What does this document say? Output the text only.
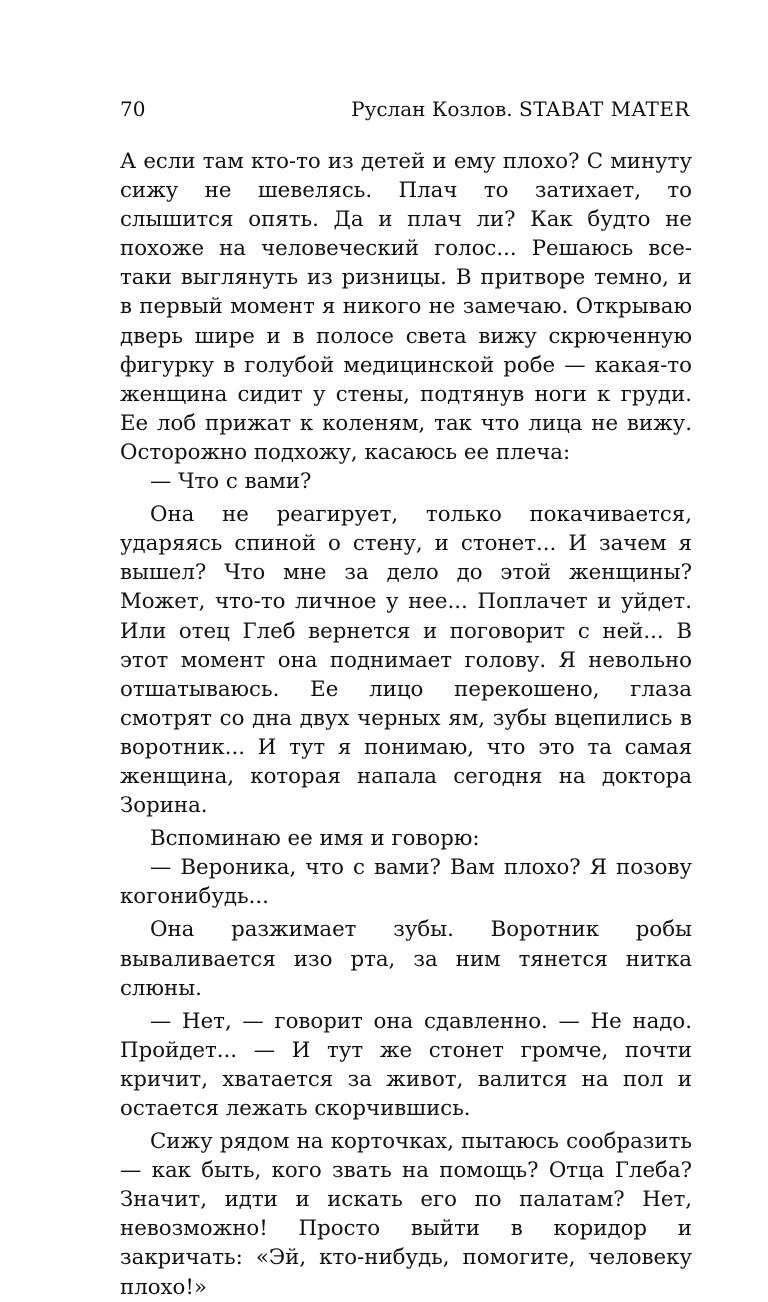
70	Руслан Козлов. STABAT MATER

А если там кто-то из детей и ему плохо? С минуту сижу не шевелясь. Плач то затихает, то слышится опять. Да и плач ли? Как будто не похоже на человеческий голос... Решаюсь все-таки выглянуть из ризницы. В притворе темно, и в первый момент я никого не замечаю. Открываю дверь шире и в полосе света вижу скрюченную фигурку в голубой медицинской робе — какая-то женщина сидит у стены, подтянув ноги к груди. Ее лоб прижат к коленям, так что лица не вижу. Осторожно подхожу, касаюсь ее плеча:

— Что с вами?

Она не реагирует, только покачивается, ударяясь спиной о стену, и стонет... И зачем я вышел? Что мне за дело до этой женщины? Может, что-то личное у нее... Поплачет и уйдет. Или отец Глеб вернется и поговорит с ней... В этот момент она поднимает голову. Я невольно отшатываюсь. Ее лицо перекошено, глаза смотрят со дна двух черных ям, зубы вцепились в воротник... И тут я понимаю, что это та самая женщина, которая напала сегодня на доктора Зорина.

Вспоминаю ее имя и говорю:

— Вероника, что с вами? Вам плохо? Я позову когонибудь...

Она разжимает зубы. Воротник робы вываливается изо рта, за ним тянется нитка слюны.

— Нет, — говорит она сдавленно. — Не надо. Пройдет... — И тут же стонет громче, почти кричит, хватается за живот, валится на пол и остается лежать скорчившись.

Сижу рядом на корточках, пытаюсь сообразить — как быть, кого звать на помощь? Отца Глеба? Значит, идти и искать его по палатам? Нет, невозможно! Просто выйти в коридор и закричать: «Эй, кто-нибудь, помогите, человеку плохо!»
